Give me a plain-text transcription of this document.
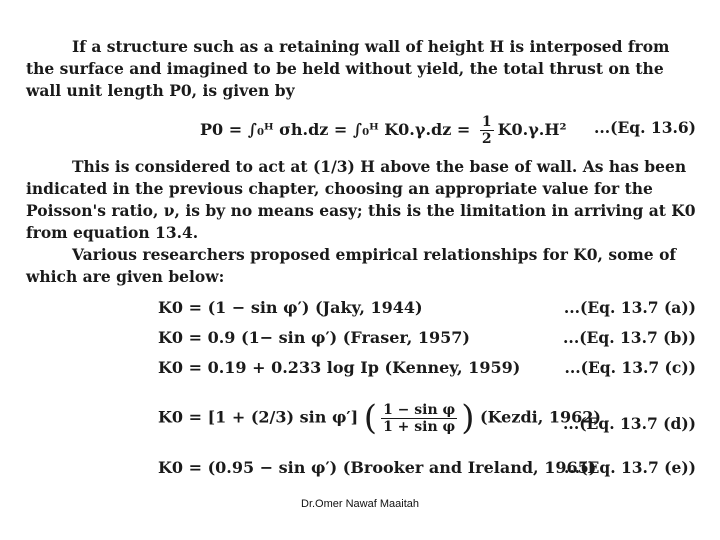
If a structure such as a retaining wall of height H is interposed from the surface and imagined to be held without yield, the total thrust on the wall unit length P0, is given by
P0 = ∫₀ᴴ σh.dz = ∫₀ᴴ $K0.\gamma.dz = \frac{1}{2} K0.\gamma.H^2$ ...(Eq. 13.6)
This is considered to act at (1/3) H above the base of wall. As has been indicated in the previous chapter, choosing an appropriate value for the Poisson's ratio, ν, is by no means easy; this is the limitation in arriving at K0 from equation 13.4.
Various researchers proposed empirical relationships for K0, some of which are given below:
K0 = (1 − sin φ′) (Jaky, 1944)	...(Eq. 13.7 (a))
K0 = 0.9 (1− sin φ′) (Fraser, 1957)	...(Eq. 13.7 (b))
K0 = 0.19 + 0.233 log Ip (Kenney, 1959)	...(Eq. 13.7 (c))
K0 = [1 + (2/3) sin φ′] ( $\frac{\text{1 − sin φ}}{\text{1 + sin φ}}$ ) (Kezdi, 1962)
...(Eq. 13.7 (d))
K0 = (0.95 − sin φ′) (Brooker and Ireland, 1965)
...(Eq. 13.7 (e))
Dr.Omer Nawaf Maaitah
